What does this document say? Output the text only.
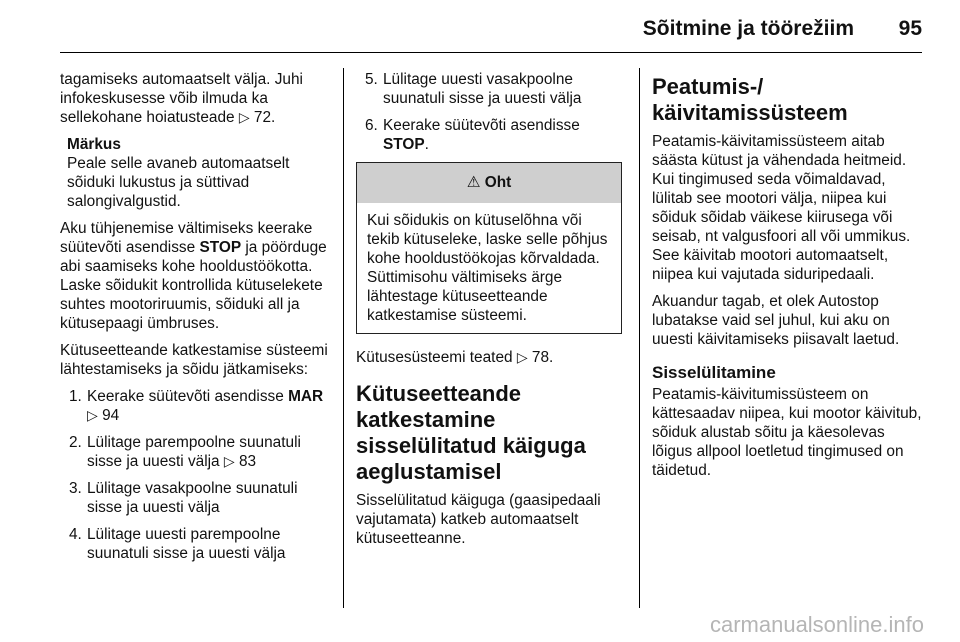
Sõitmine ja töörežiim 95

tagamiseks automaatselt välja. Juhi infokeskusesse võib ilmuda ka sellekohane hoiatusteade ▷ 72.

Märkus
Peale selle avaneb automaatselt sõiduki lukustus ja süttivad salongivalgustid.

Aku tühjenemise vältimiseks keerake süütevõti asendisse STOP ja pöörduge abi saamiseks kohe hooldustöökotta. Laske sõidukit kontrollida kütuselekete suhtes mootoriruumis, sõiduki all ja kütusepaagi ümbruses.

Kütuseetteande katkestamise süsteemi lähtestamiseks ja sõidu jätkamiseks:

1. Keerake süütevõti asendisse MAR ▷ 94
2. Lülitage parempoolne suunatuli sisse ja uuesti välja ▷ 83
3. Lülitage vasakpoolne suunatuli sisse ja uuesti välja
4. Lülitage uuesti parempoolne suunatuli sisse ja uuesti välja
5. Lülitage uuesti vasakpoolne suunatuli sisse ja uuesti välja
6. Keerake süütevõti asendisse STOP.
⚠ Oht
Kui sõidukis on kütuselõhna või tekib kütuseleke, laske selle põhjus kohe hooldustöökojas kõrvaldada. Süttimisohu vältimiseks ärge lähtestage kütuseetteande katkestamise süsteemi.

Kütusesüsteemi teated ▷ 78.

Kütuseetteande katkestamine sisselülitatud käiguga aeglustamisel

Sisselülitatud käiguga (gaasipedaali vajutamata) katkeb automaatselt kütuseetteanne.

Peatumis-/ käivitamissüsteem

Peatamis-käivitamissüsteem aitab säästa kütust ja vähendada heitmeid. Kui tingimused seda võimaldavad, lülitab see mootori välja, niipea kui sõiduk sõidab väikese kiirusega või seisab, nt valgusfoori all või ummikus. See käivitab mootori automaatselt, niipea kui vajutada siduripedaali.

Akuandur tagab, et olek Autostop lubatakse vaid sel juhul, kui aku on uuesti käivitamiseks piisavalt laetud.

Sisselülitamine

Peatamis-käivitumissüsteem on kättesaadav niipea, kui mootor käivitub, sõiduk alustab sõitu ja käesolevas lõigus allpool loetletud tingimused on täidetud.

carmanualsonline.info
